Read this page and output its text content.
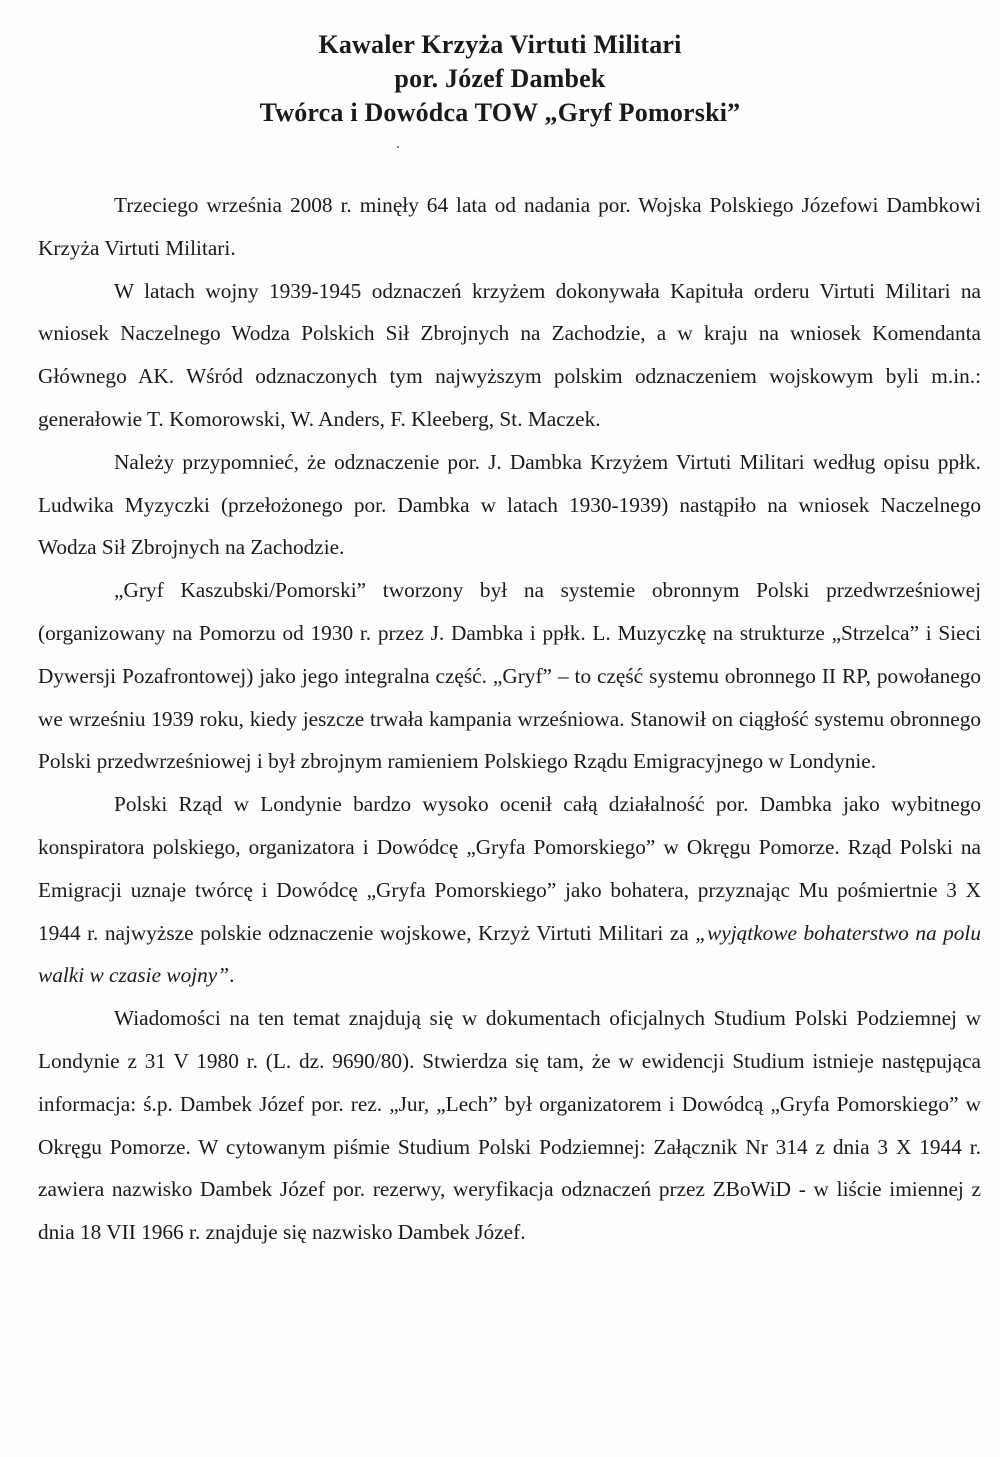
Kawaler Krzyża Virtuti Militari
por. Józef Dambek
Twórca i Dowódca TOW „Gryf Pomorski”

Trzeciego września 2008 r. minęły 64 lata od nadania por. Wojska Polskiego Józefowi Dambkowi Krzyża Virtuti Militari.

W latach wojny 1939-1945 odznaczeń krzyżem dokonywała Kapituła orderu Virtuti Militari na wniosek Naczelnego Wodza Polskich Sił Zbrojnych na Zachodzie, a w kraju na wniosek Komendanta Głównego AK. Wśród odznaczonych tym najwyższym polskim odznaczeniem wojskowym byli m.in.: generałowie T. Komorowski, W. Anders, F. Kleeberg, St. Maczek.

Należy przypomnieć, że odznaczenie por. J. Dambka Krzyżem Virtuti Militari według opisu ppłk. Ludwika Myzyczki (przełożonego por. Dambka w latach 1930-1939) nastąpiło na wniosek Naczelnego Wodza Sił Zbrojnych na Zachodzie.

„Gryf Kaszubski/Pomorski” tworzony był na systemie obronnym Polski przedwrześniowej (organizowany na Pomorzu od 1930 r. przez J. Dambka i ppłk. L. Muzyczkę na strukturze „Strzelca” i Sieci Dywersji Pozafrontowej) jako jego integralna część. „Gryf” – to część systemu obronnego II RP, powołanego we wrześniu 1939 roku, kiedy jeszcze trwała kampania wrześniowa. Stanowił on ciągłość systemu obronnego Polski przedwrześniowej i był zbrojnym ramieniem Polskiego Rządu Emigracyjnego w Londynie.

Polski Rząd w Londynie bardzo wysoko ocenił całą działalność por. Dambka jako wybitnego konspiratora polskiego, organizatora i Dowódcę „Gryfa Pomorskiego” w Okręgu Pomorze. Rząd Polski na Emigracji uznaje twórcę i Dowódcę „Gryfa Pomorskiego” jako bohatera, przyznając Mu pośmiertnie 3 X 1944 r. najwyższe polskie odznaczenie wojskowe, Krzyż Virtuti Militari za „wyjątkowe bohaterstwo na polu walki w czasie wojny”.

Wiadomości na ten temat znajdują się w dokumentach oficjalnych Studium Polski Podziemnej w Londynie z 31 V 1980 r. (L. dz. 9690/80). Stwierdza się tam, że w ewidencji Studium istnieje następująca informacja: ś.p. Dambek Józef por. rez. „Jur, „Lech” był organizatorem i Dowódcą „Gryfa Pomorskiego” w Okręgu Pomorze. W cytowanym piśmie Studium Polski Podziemnej: Załącznik Nr 314 z dnia 3 X 1944 r. zawiera nazwisko Dambek Józef por. rezerwy, weryfikacja odznaczeń przez ZBoWiD - w liście imiennej z dnia 18 VII 1966 r. znajduje się nazwisko Dambek Józef.
